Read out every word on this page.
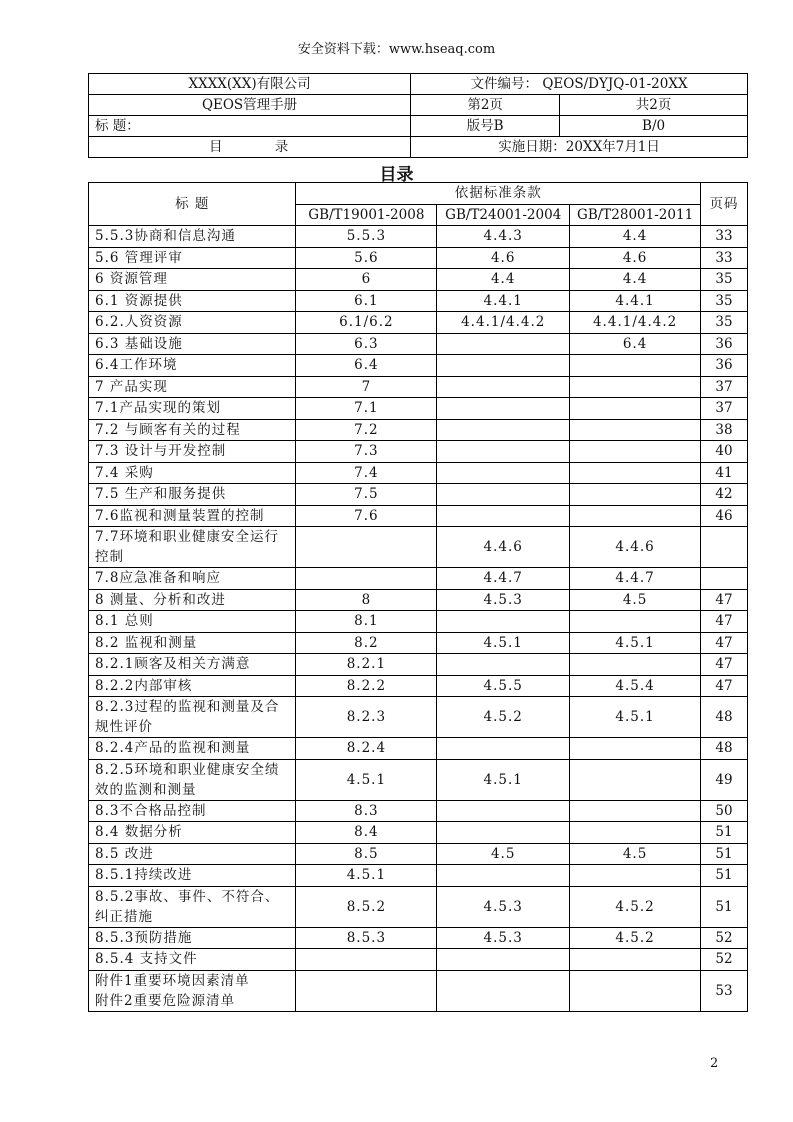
安全资料下载：www.hseaq.com
XXXX(XX)有限公司	文件编号： QEOS/DYJQ-01-20XX	
QEOS管理手册	第2页	共2页
标 题：	版号B	B/0
目 录	实施日期：20XX年7月1日	
目录
标 题	依据标准条款			页码
	GB/T19001-2008	GB/T24001-2004	GB/T28001-2011	
5.5.3协商和信息沟通	5.5.3	4.4.3	4.4	33
5.6 管理评审	5.6	4.6	4.6	33
6 资源管理	6	4.4	4.4	35
6.1 资源提供	6.1	4.4.1	4.4.1	35
6.2.人资资源	6.1/6.2	4.4.1/4.4.2	4.4.1/4.4.2	35
6.3 基础设施	6.3		6.4	36
6.4工作环境	6.4			36
7 产品实现	7			37
7.1产品实现的策划	7.1			37
7.2 与顾客有关的过程	7.2			38
7.3 设计与开发控制	7.3			40
7.4 采购	7.4			41
7.5 生产和服务提供	7.5			42
7.6监视和测量装置的控制	7.6			46
7.7环境和职业健康安全运行控制		4.4.6	4.4.6	
7.8应急准备和响应		4.4.7	4.4.7	
8 测量、分析和改进	8	4.5.3	4.5	47
8.1 总则	8.1			47
8.2 监视和测量	8.2	4.5.1	4.5.1	47
8.2.1顾客及相关方满意	8.2.1			47
8.2.2内部审核	8.2.2	4.5.5	4.5.4	47
8.2.3过程的监视和测量及合规性评价	8.2.3	4.5.2	4.5.1	48
8.2.4产品的监视和测量	8.2.4			48
8.2.5环境和职业健康安全绩效的监测和测量	4.5.1	4.5.1		49
8.3不合格品控制	8.3			50
8.4 数据分析	8.4			51
8.5 改进	8.5	4.5	4.5	51
8.5.1持续改进	4.5.1			51
8.5.2事故、事件、不符合、纠正措施	8.5.2	4.5.3	4.5.2	51
8.5.3预防措施	8.5.3	4.5.3	4.5.2	52
8.5.4 支持文件				52
附件1重要环境因素清单
附件2重要危险源清单				53
2
